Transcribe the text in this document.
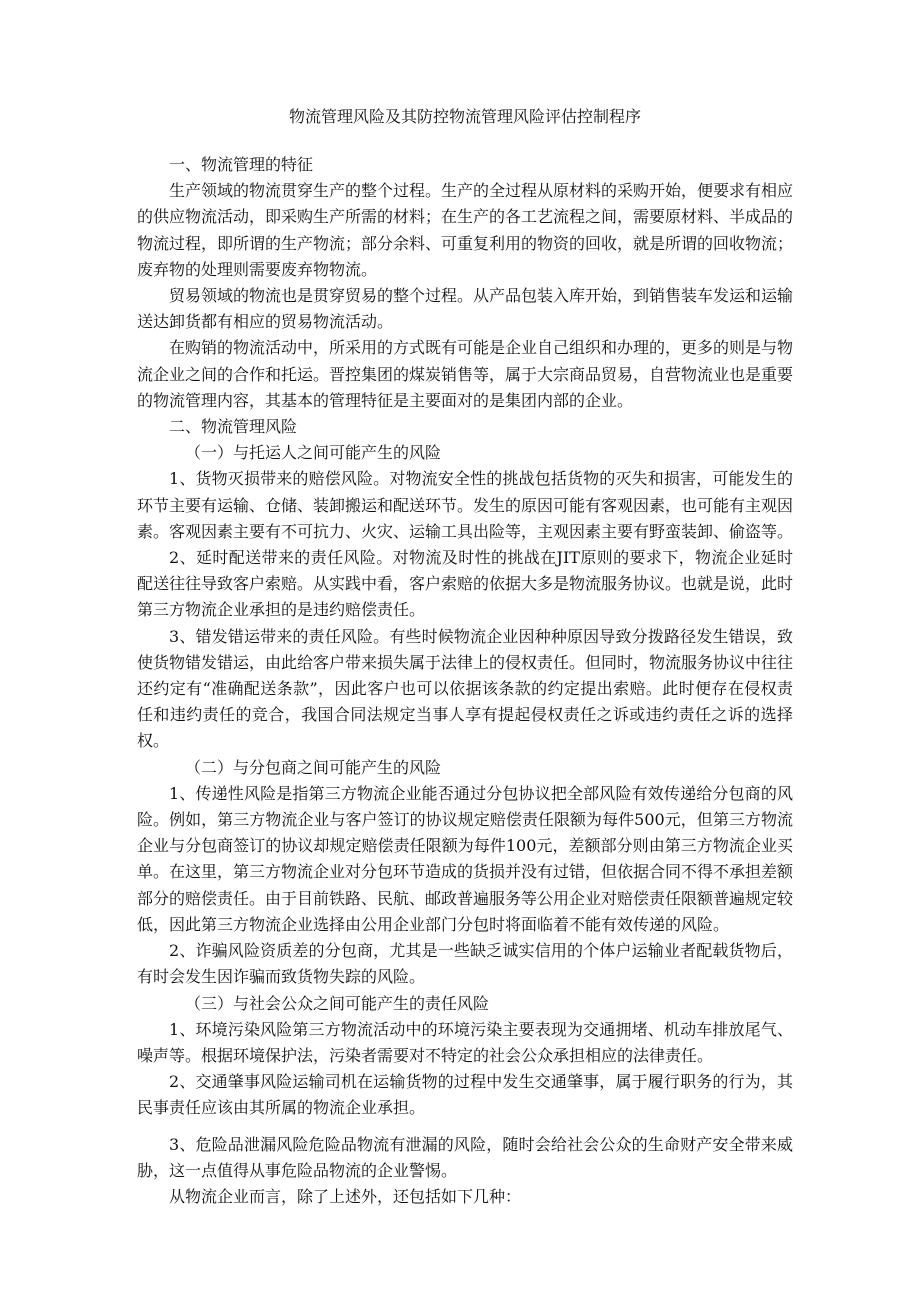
物流管理风险及其防控物流管理风险评估控制程序

一、物流管理的特征

生产领域的物流贯穿生产的整个过程。生产的全过程从原材料的采购开始，便要求有相应的供应物流活动，即采购生产所需的材料；在生产的各工艺流程之间，需要原材料、半成品的物流过程，即所谓的生产物流；部分余料、可重复利用的物资的回收，就是所谓的回收物流；废弃物的处理则需要废弃物物流。

贸易领域的物流也是贯穿贸易的整个过程。从产品包装入库开始，到销售装车发运和运输送达卸货都有相应的贸易物流活动。

在购销的物流活动中，所采用的方式既有可能是企业自己组织和办理的，更多的则是与物流企业之间的合作和托运。晋控集团的煤炭销售等，属于大宗商品贸易，自营物流业也是重要的物流管理内容，其基本的管理特征是主要面对的是集团内部的企业。

二、物流管理风险

（一）与托运人之间可能产生的风险

1、货物灭损带来的赔偿风险。对物流安全性的挑战包括货物的灭失和损害，可能发生的环节主要有运输、仓储、装卸搬运和配送环节。发生的原因可能有客观因素，也可能有主观因素。客观因素主要有不可抗力、火灾、运输工具出险等，主观因素主要有野蛮装卸、偷盗等。

2、延时配送带来的责任风险。对物流及时性的挑战在JIT原则的要求下，物流企业延时配送往往导致客户索赔。从实践中看，客户索赔的依据大多是物流服务协议。也就是说，此时第三方物流企业承担的是违约赔偿责任。

3、错发错运带来的责任风险。有些时候物流企业因种种原因导致分拨路径发生错误，致使货物错发错运，由此给客户带来损失属于法律上的侵权责任。但同时，物流服务协议中往往还约定有“准确配送条款”，因此客户也可以依据该条款的约定提出索赔。此时便存在侵权责任和违约责任的竞合，我国合同法规定当事人享有提起侵权责任之诉或违约责任之诉的选择权。

（二）与分包商之间可能产生的风险

1、传递性风险是指第三方物流企业能否通过分包协议把全部风险有效传递给分包商的风险。例如，第三方物流企业与客户签订的协议规定赔偿责任限额为每件500元，但第三方物流企业与分包商签订的协议却规定赔偿责任限额为每件100元，差额部分则由第三方物流企业买单。在这里，第三方物流企业对分包环节造成的货损并没有过错，但依据合同不得不承担差额部分的赔偿责任。由于目前铁路、民航、邮政普遍服务等公用企业对赔偿责任限额普遍规定较低，因此第三方物流企业选择由公用企业部门分包时将面临着不能有效传递的风险。

2、诈骗风险资质差的分包商，尤其是一些缺乏诚实信用的个体户运输业者配载货物后，有时会发生因诈骗而致货物失踪的风险。

（三）与社会公众之间可能产生的责任风险

1、环境污染风险第三方物流活动中的环境污染主要表现为交通拥堵、机动车排放尾气、噪声等。根据环境保护法，污染者需要对不特定的社会公众承担相应的法律责任。

2、交通肇事风险运输司机在运输货物的过程中发生交通肇事，属于履行职务的行为，其民事责任应该由其所属的物流企业承担。

3、危险品泄漏风险危险品物流有泄漏的风险，随时会给社会公众的生命财产安全带来威胁，这一点值得从事危险品物流的企业警惕。

从物流企业而言，除了上述外，还包括如下几种：
